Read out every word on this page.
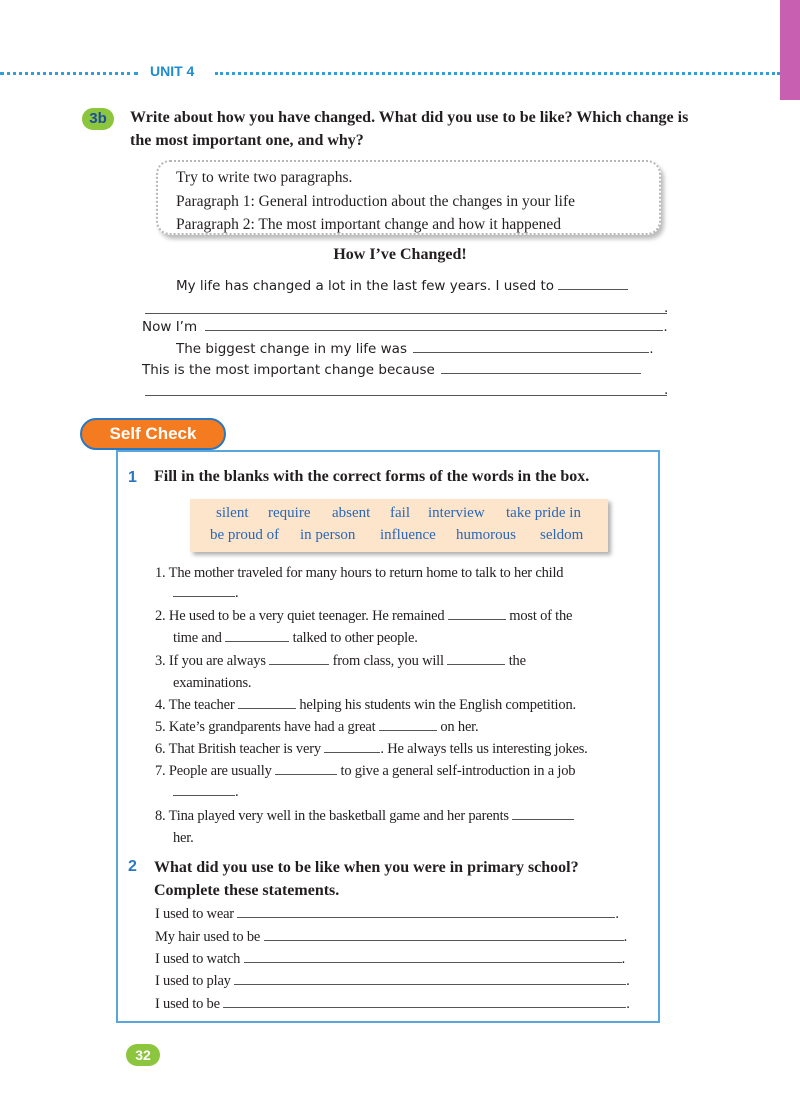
UNIT 4
3b	Write about how you have changed. What did you use to be like? Which change is the most important one, and why?
Try to write two paragraphs.
Paragraph 1: General introduction about the changes in your life
Paragraph 2: The most important change and how it happened
How I’ve Changed!
My life has changed a lot in the last few years. I used to
.
Now I’m	.
The biggest change in my life was	.
This is the most important change because
.
Self Check
1 Fill in the blanks with the correct forms of the words in the box.
silent require absent fail interview take pride in
be proud of in person influence humorous seldom
1. The mother traveled for many hours to return home to talk to her child
.
2. He used to be a very quiet teenager. He remained	most of the
time and	talked to other people.
3. If you are always	from class, you will	the
examinations.
4. The teacher	helping his students win the English competition.
5. Kate’s grandparents have had a great	on her.
6. That British teacher is very	. He always tells us interesting jokes.
7. People are usually	to give a general self-introduction in a job
.
8. Tina played very well in the basketball game and her parents
her.
2 What did you use to be like when you were in primary school?
Complete these statements.
I used to wear	.
My hair used to be	.
I used to watch	.
I used to play	.
I used to be	.
32
